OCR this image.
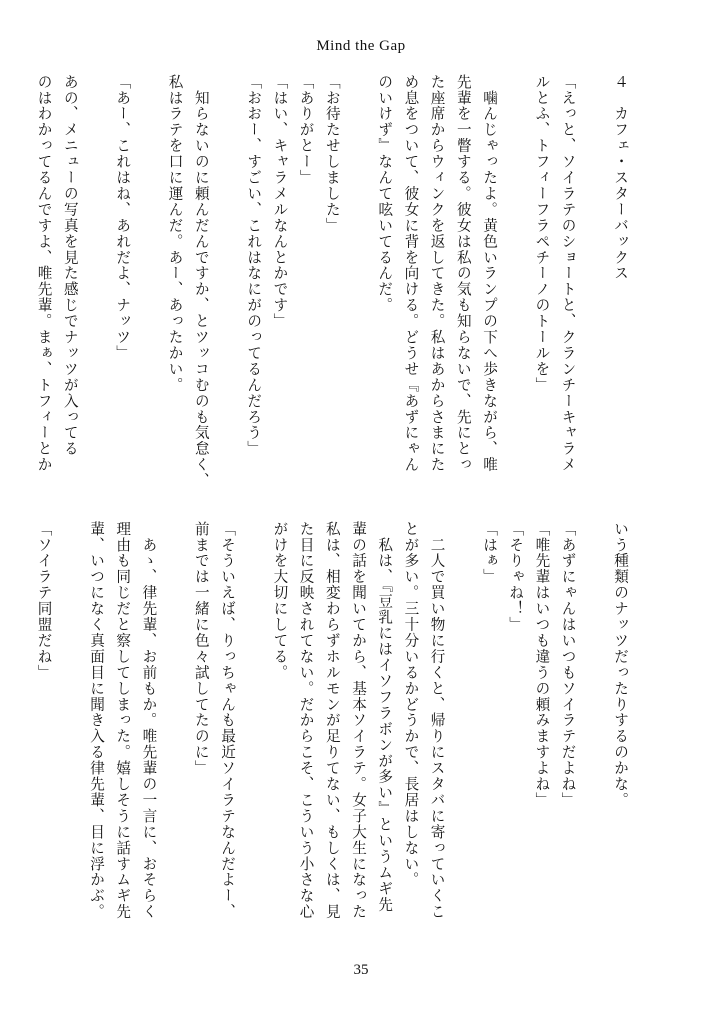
Mind the Gap
４　カフェ・スターバックス
「えっと、ソイラテのショートと、クランチーキャラメ
ルとふ、トフィーフラペチーノのトールを」
　噛んじゃったよ。黄色いランプの下へ歩きながら、唯
先輩を一瞥する。彼女は私の気も知らないで、先にとっ
た座席からウィンクを返してきた。私はあからさまにた
め息をついて、彼女に背を向ける。どうせ『あずにゃん
のいけず』なんて呟いてるんだ。
「お待たせしました」
「ありがとー」
「はい、キャラメルなんとかです」
「おおー、すごい、これはなにがのってるんだろう」
　知らないのに頼んだんですか、とツッコむのも気怠く、
私はラテを口に運んだ。あー、あったかい。
「あー、これはね、あれだよ、ナッツ」
あの、メニューの写真を見た感じでナッツが入ってる
のはわかってるんですよ、唯先輩。まぁ、トフィーとか
いう種類のナッツだったりするのかな。
「あずにゃんはいつもソイラテだよね」
「唯先輩はいつも違うの頼みますよね」
「そりゃね！」
「はぁ」
　二人で買い物に行くと、帰りにスタバに寄っていくこ
とが多い。三十分いるかどうかで、長居はしない。
　私は、『豆乳にはイソフラボンが多い』というムギ先
輩の話を聞いてから、基本ソイラテ。女子大生になった
私は、相変わらずホルモンが足りてない、もしくは、見
た目に反映されてない。だからこそ、こういう小さな心
がけを大切にしてる。
「そういえば、りっちゃんも最近ソイラテなんだよー、
前までは一緒に色々試してたのに」
　あゝ、律先輩、お前もか。唯先輩の一言に、おそらく
理由も同じだと察してしまった。嬉しそうに話すムギ先
輩、いつになく真面目に聞き入る律先輩、目に浮かぶ。
「ソイラテ同盟だね」
35
